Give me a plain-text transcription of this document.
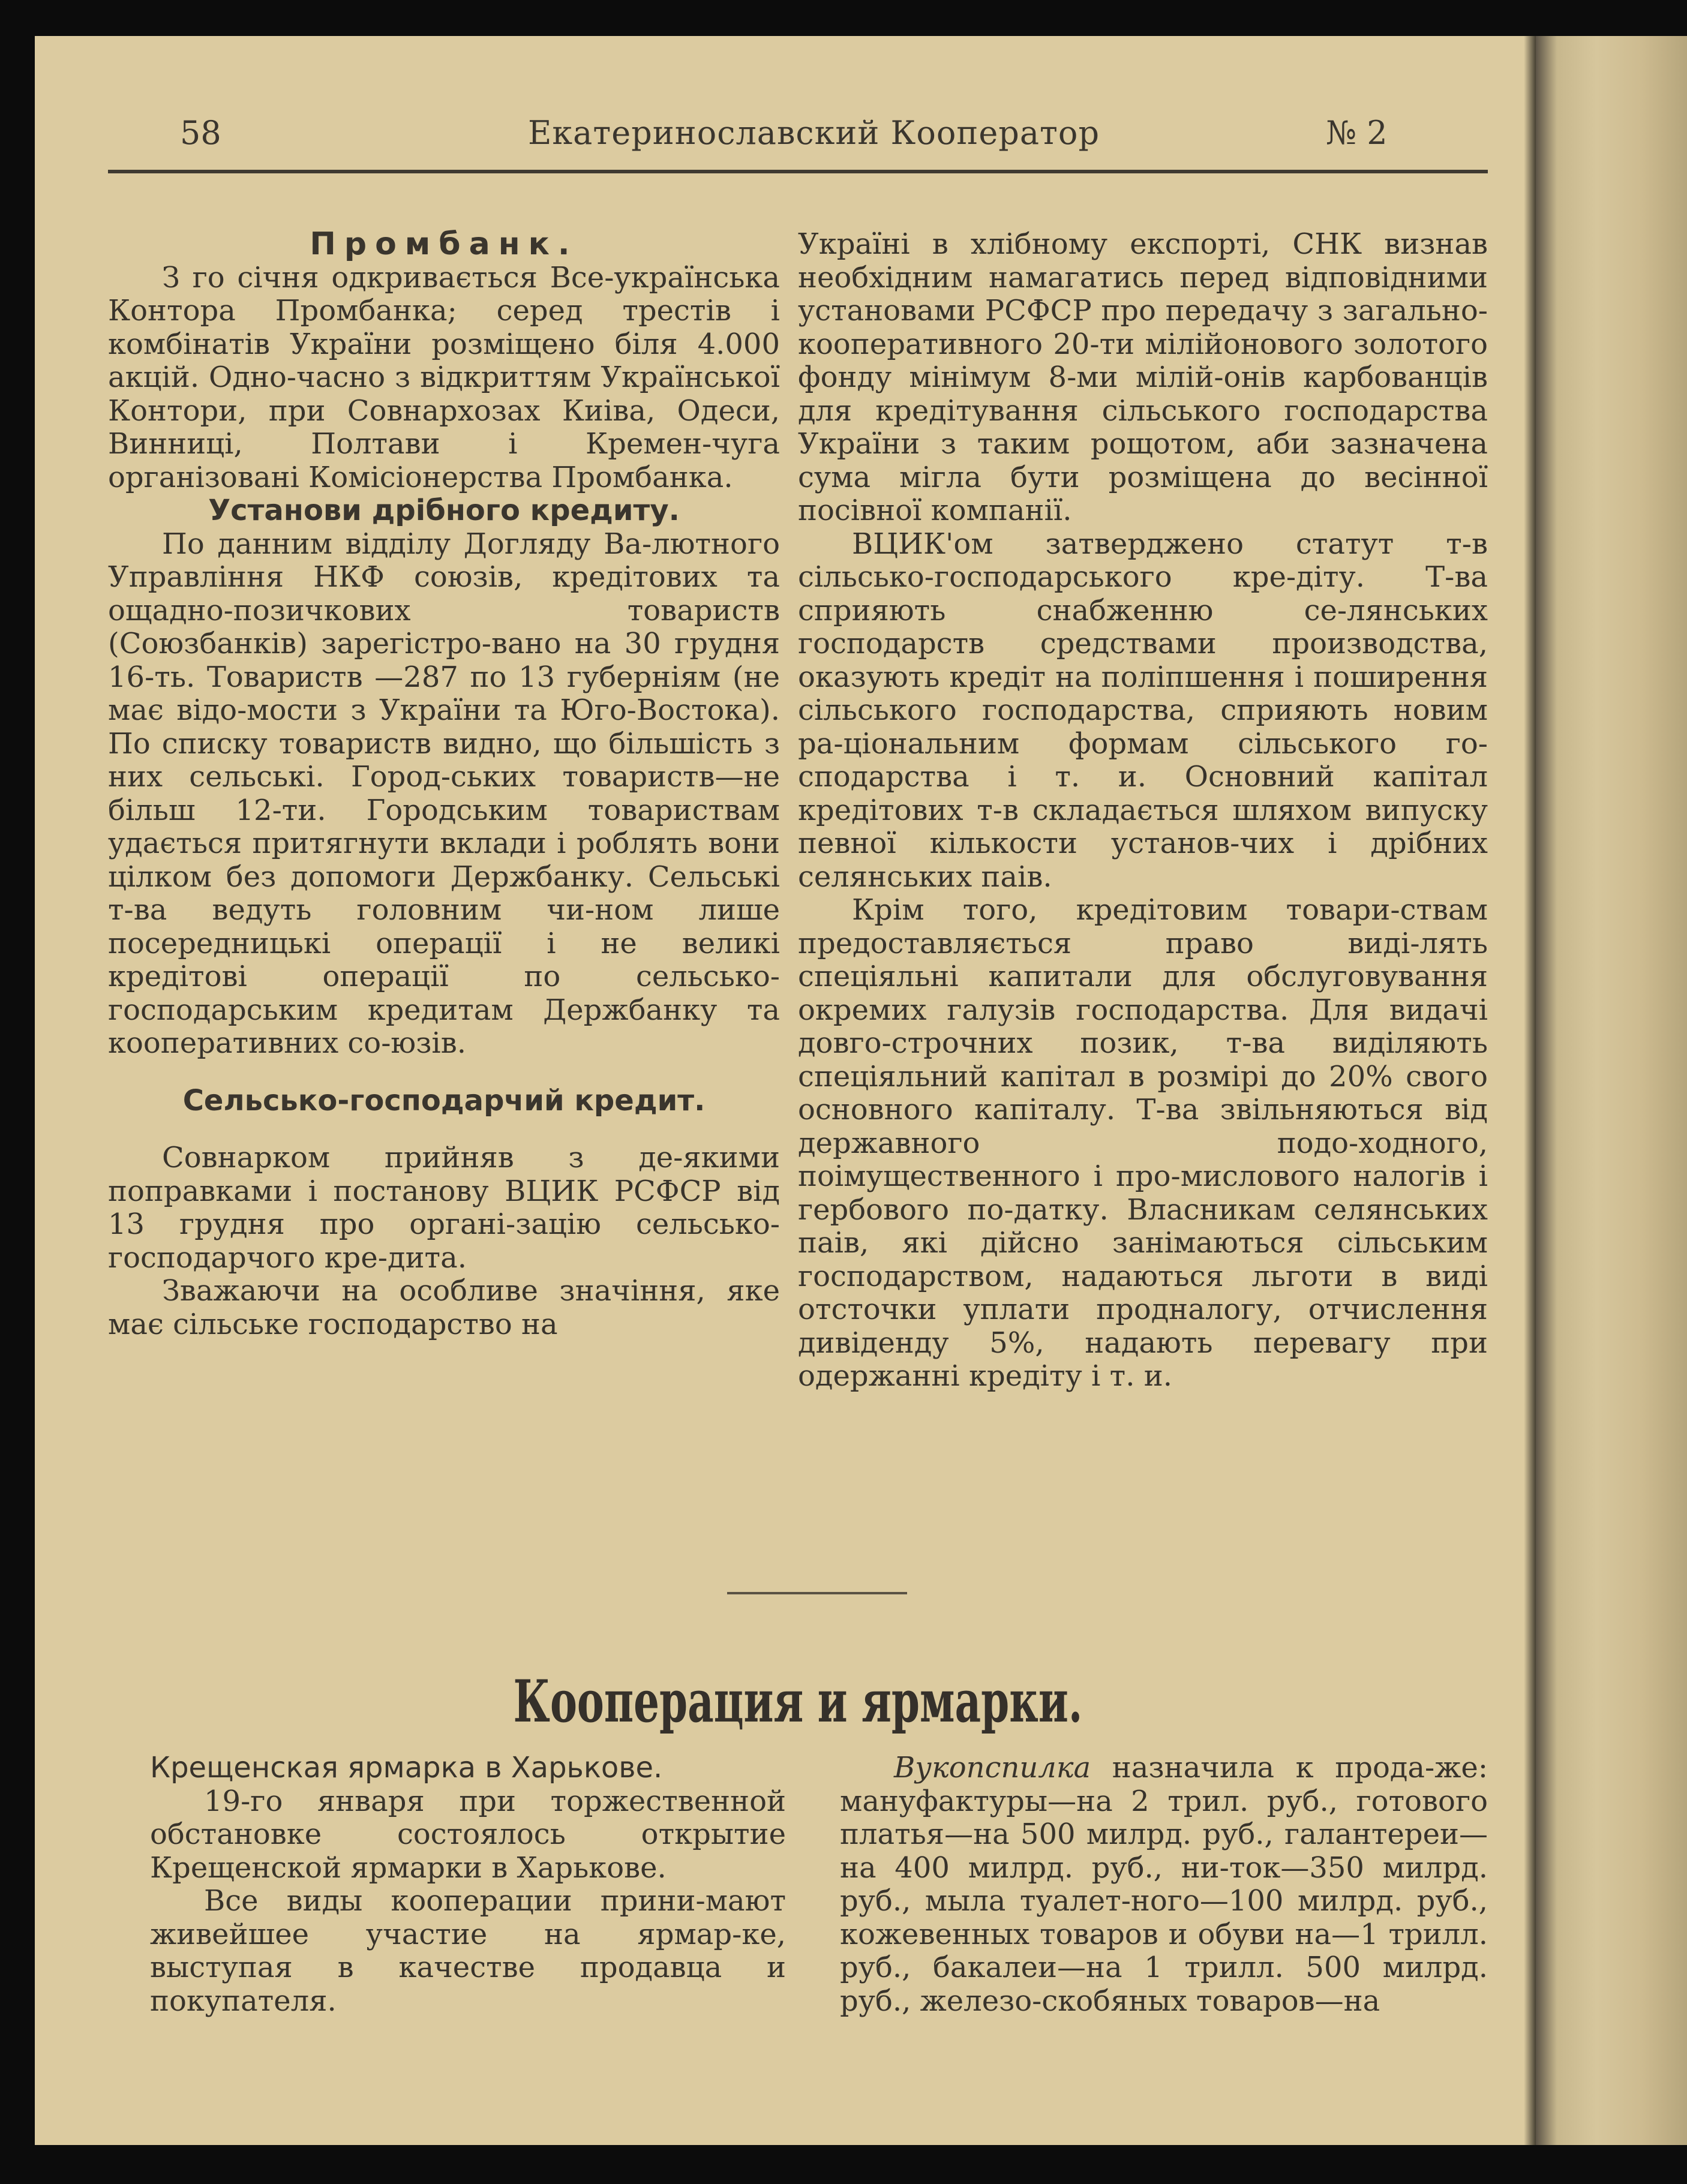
58	Екатеринославский Кооператор	№ 2

Промбанк.

З го січня одкривається Все-українська Контора Промбанка; серед трестів і комбінатів України розміщено біля 4.000 акцій. Одно-часно з відкриттям Української Контори, при Совнархозах Киіва, Одеси, Винниці, Полтави і Кремен-чуга організовані Комісіонерства Промбанка.

Установи дрібного кредиту.

По данним відділу Догляду Ва-лютного Управління НКФ союзів, кредітових та ощадно-позичкових товариств (Союзбанків) зарегістро-вано на 30 грудня 16-ть. Товариств —287 по 13 губерніям (не має відо-мости з України та Юго-Востока). По списку товариств видно, що більшість з них сельські. Город-ських товариств—не більш 12-ти. Городським товариствам удається притягнути вклади і роблять вони цілком без допомоги Держбанку. Сельські т-ва ведуть головним чи-ном лише посередницькі операції і не великі кредітові операції по сельсько-господарським кредитам Держбанку та кооперативних со-юзів.

Сельсько-господарчий кредит.

Совнарком прийняв з де-якими поправками і постанову ВЦИК РСФСР від 13 грудня про органі-зацію сельсько-господарчого кре-дита.

Зважаючи на особливе значіння, яке має сільське господарство на

Україні в хлібному експорті, СНК визнав необхідним намагатись перед відповідними установами РСФСР про передачу з загально-кооперативного 20-ти мілійонового золотого фонду мінімум 8-ми мілій-онів карбованців для кредітування сільського господарства України з таким рощотом, аби зазначена сума мігла бути розміщена до весінної посівної компанії.

ВЦИК'ом затверджено статут т-в сільсько-господарського кре-діту. Т-ва сприяють снабженню се-лянських господарств средствами производства, оказують кредіт на поліпшення і поширення сільського господарства, сприяють новим ра-ціональним формам сільського го-сподарства і т. и. Основний капітал кредітових т-в складається шляхом випуску певної кількости установ-чих і дрібних селянських паів.

Крім того, кредітовим товари-ствам предоставляється право виді-лять спеціяльні капитали для обслуговування окремих галузів господарства. Для видачі довго-строчних позик, т-ва виділяють спеціяльний капітал в розмірі до 20% свого основного капіталу. Т-ва звільняються від державного подо-ходного, поімущественного і про-мислового налогів і гербового по-датку. Власникам селянських паів, які дійсно занімаються сільським господарством, надаються льготи в виді отсточки уплати продналогу, отчислення дивіденду 5%, надають перевагу при одержанні кредіту і т. и.

Кооперация и ярмарки.

Крещенская ярмарка в Харькове.

19-го января при торжественной обстановке состоялось открытие Крещенской ярмарки в Харькове.

Все виды кооперации прини-мают живейшее участие на ярмар-ке, выступая в качестве продавца и покупателя.

Вукопспилка назначила к прода-же: мануфактуры—на 2 трил. руб., готового платья—на 500 милрд. руб., галантереи—на 400 милрд. руб., ни-ток—350 милрд. руб., мыла туалет-ного—100 милрд. руб., кожевенных товаров и обуви на—1 трилл. руб., бакалеи—на 1 трилл. 500 милрд. руб., железо-скобяных товаров—на
